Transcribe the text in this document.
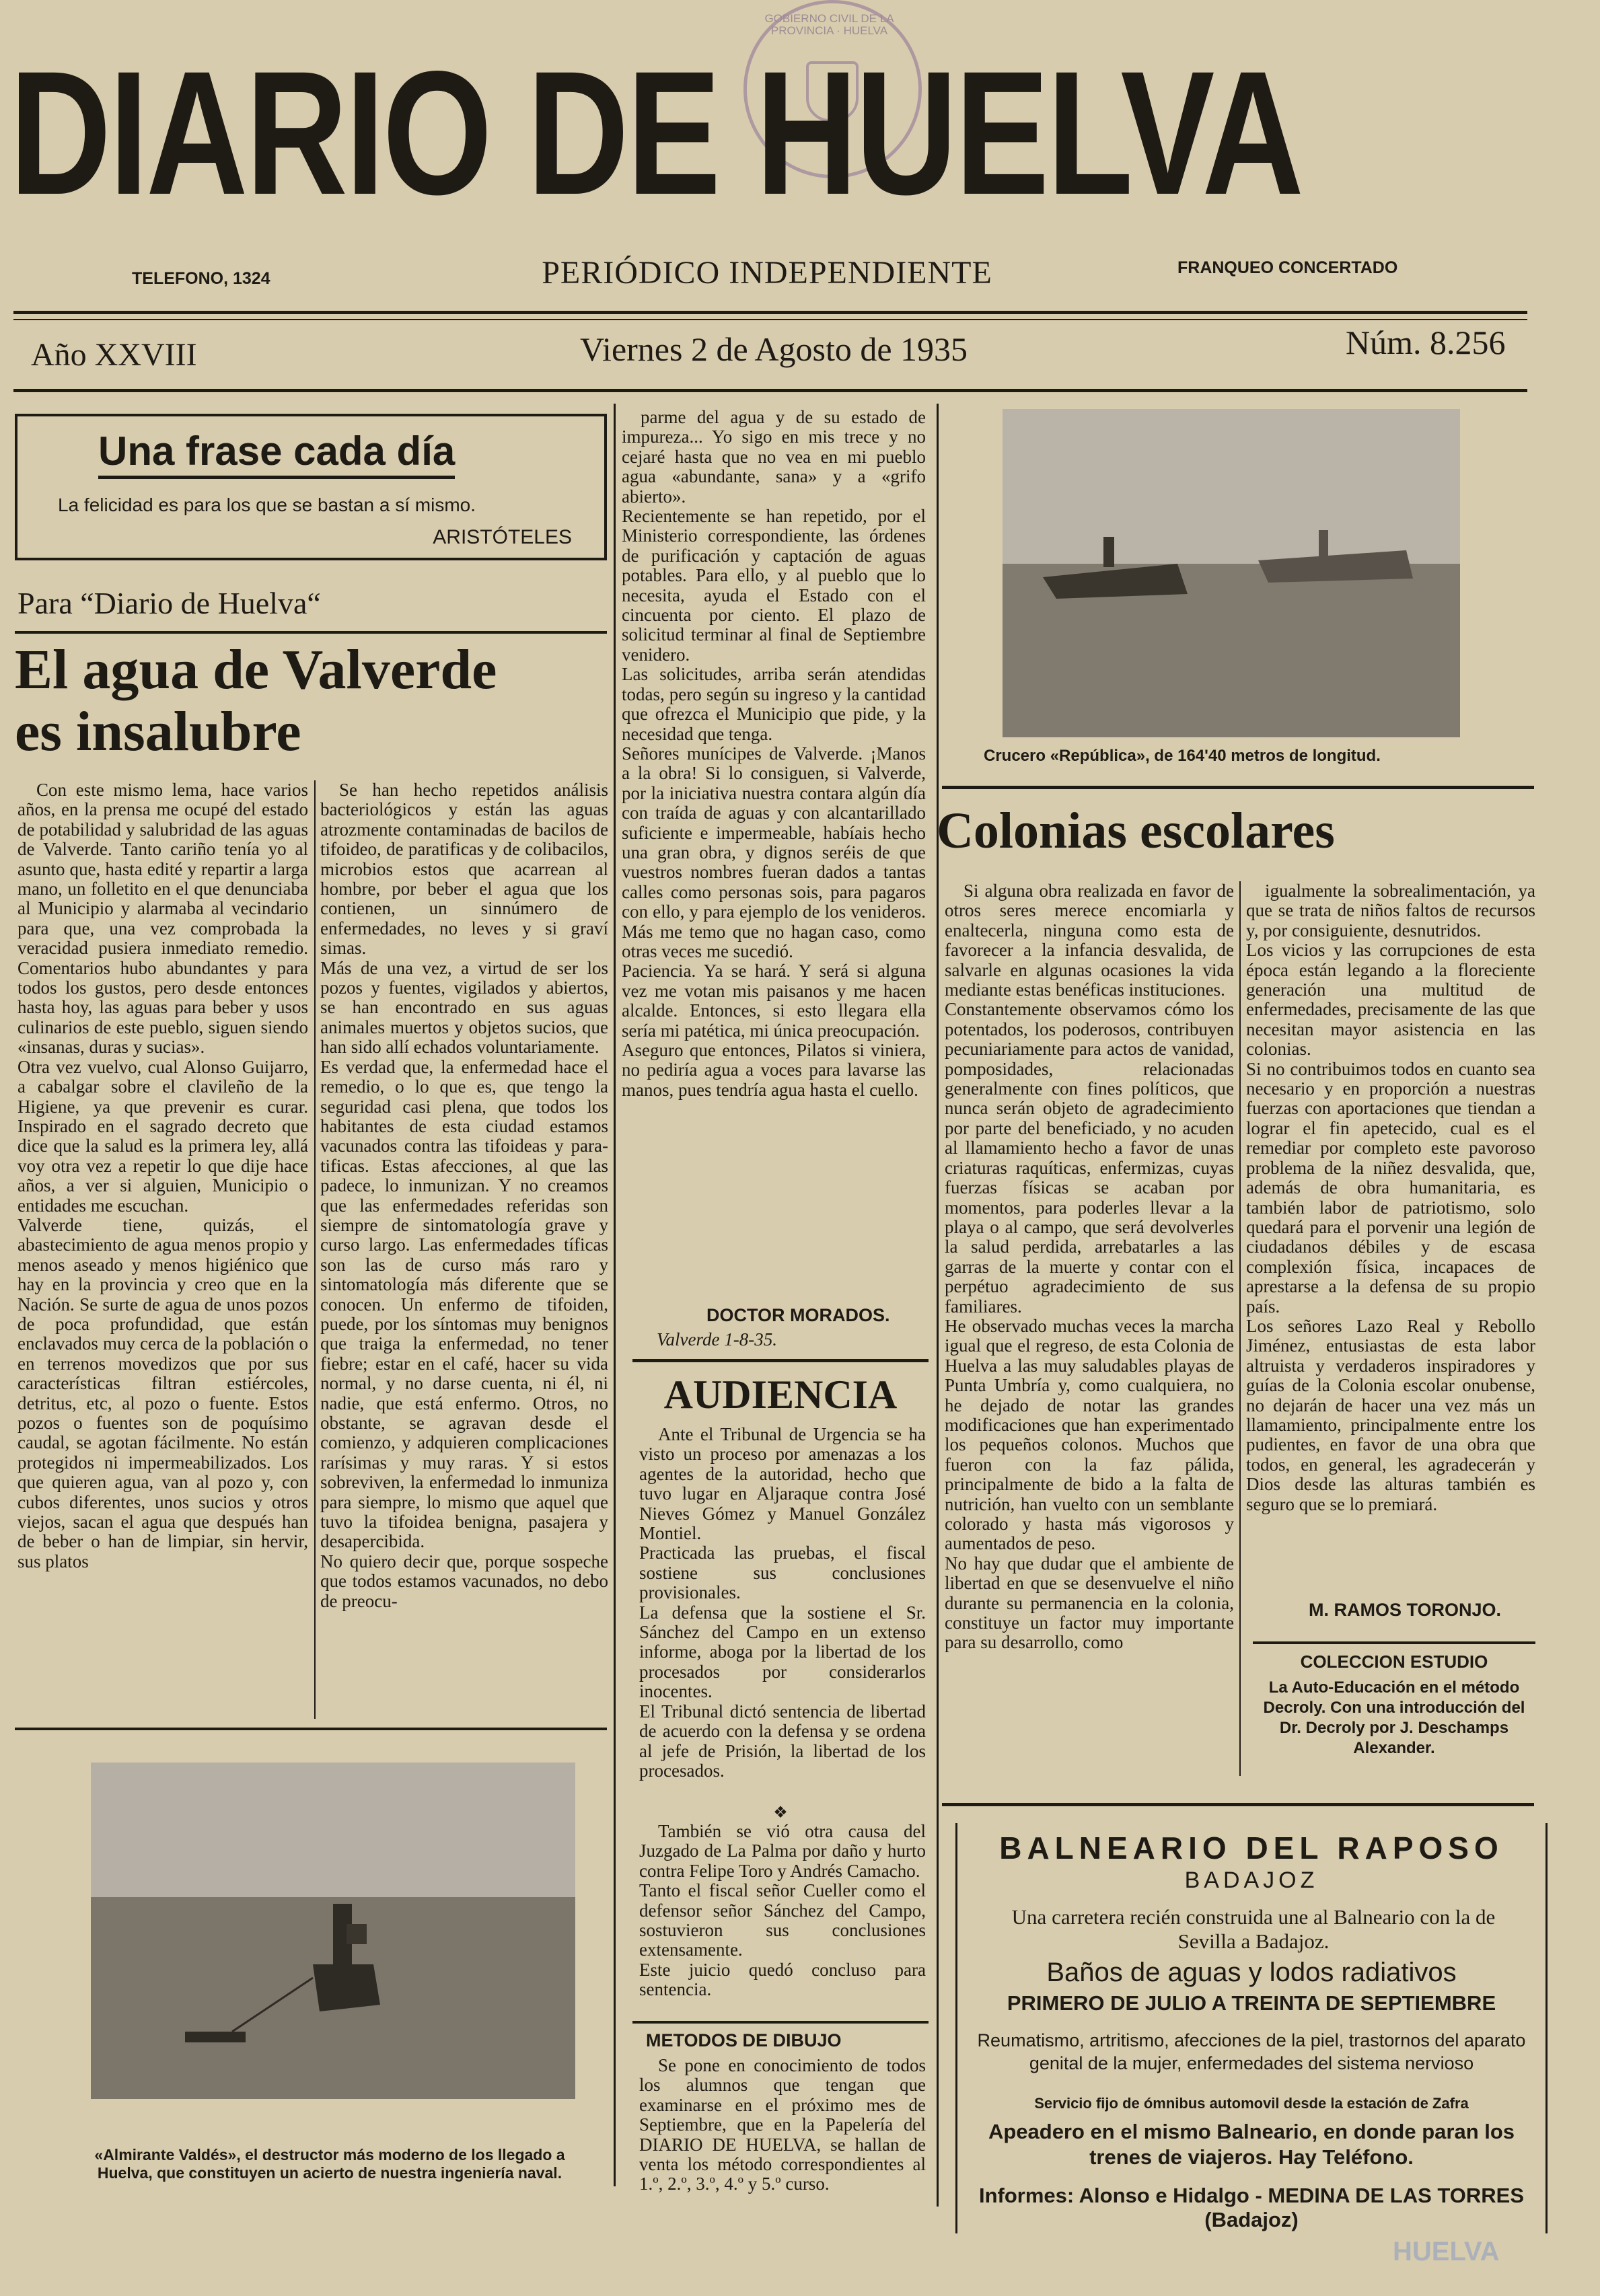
GOBIERNO CIVIL DE LA PROVINCIA · HUELVA
DIARIO DE HUELVA
TELEFONO, 1324	PERIÓDICO INDEPENDIENTE	FRANQUEO CONCERTADO
Año XXVIII	Viernes 2 de Agosto de 1935	Núm. 8.256
Una frase cada día
La felicidad es para los que se bastan a sí mismo.
ARISTÓTELES
Para “Diario de Huelva“
El agua de Valverde
es insalubre

Con este mismo lema, hace varios años, en la prensa me ocupé del estado de potabilidad y salubridad de las aguas de Valverde. Tanto cariño tenía yo al asunto que, hasta edité y repartir a larga mano, un folletito en el que denunciaba al Municipio y alarmaba al vecindario para que, una vez comprobada la veracidad pusiera inmediato remedio. Comentarios hubo abundantes y para todos los gustos, pero desde entonces hasta hoy, las aguas para beber y usos culinarios de este pueblo, siguen siendo «insanas, duras y sucias».
Otra vez vuelvo, cual Alonso Guijarro, a cabalgar sobre el clavileño de la Higiene, ya que prevenir es curar. Inspirado en el sagrado decreto que dice que la salud es la primera ley, allá voy otra vez a repetir lo que dije hace años, a ver si alguien, Municipio o entidades me escuchan.
Valverde tiene, quizás, el abastecimiento de agua menos propio y menos aseado y menos higiénico que hay en la provincia y creo que en la Nación. Se surte de agua de unos pozos de poca profundidad, que están enclavados muy cerca de la población o en terrenos movedizos que por sus características filtran estiércoles, detritus, etc, al pozo o fuente. Estos pozos o fuentes son de poquísimo caudal, se agotan fácilmente. No están protegidos ni impermeabilizados. Los que quieren agua, van al pozo y, con cubos diferentes, unos sucios y otros viejos, sacan el agua que después han de beber o han de limpiar, sin hervir, sus platos

Se han hecho repetidos análisis bacteriológicos y están las aguas atrozmente contaminadas de bacilos de tifoideo, de paratificas y de colibacilos, microbios estos que acarrean al hombre, por beber el agua que los contienen, un sinnúmero de enfermedades, no leves y si graví simas.
Más de una vez, a virtud de ser los pozos y fuentes, vigilados y abiertos, se han encontrado en sus aguas animales muertos y objetos sucios, que han sido allí echados voluntariamente.
Es verdad que, la enfermedad hace el remedio, o lo que es, que tengo la seguridad casi plena, que todos los habitantes de esta ciudad estamos vacunados contra las tifoideas y para-tificas. Estas afecciones, al que las padece, lo inmunizan. Y no creamos que las enfermedades referidas son siempre de sintomatología grave y curso largo. Las enfermedades tíficas son las de curso más raro y sintomatología más diferente que se conocen. Un enfermo de tifoiden, puede, por los síntomas muy benignos que traiga la enfermedad, no tener fiebre; estar en el café, hacer su vida normal, y no darse cuenta, ni él, ni nadie, que está enfermo. Otros, no obstante, se agravan desde el comienzo, y adquieren complicaciones rarísimas y muy raras. Y si estos sobreviven, la enfermedad lo inmuniza para siempre, lo mismo que aquel que tuvo la tifoidea benigna, pasajera y desapercibida.
No quiero decir que, porque sospeche que todos estamos vacunados, no debo de preocu-

parme del agua y de su estado de impureza... Yo sigo en mis trece y no cejaré hasta que no vea en mi pueblo agua «abundante, sana» y a «grifo abierto».
Recientemente se han repetido, por el Ministerio correspondiente, las órdenes de purificación y captación de aguas potables. Para ello, y al pueblo que lo necesita, ayuda el Estado con el cincuenta por ciento. El plazo de solicitud terminar al final de Septiembre venidero.
Las solicitudes, arriba serán atendidas todas, pero según su ingreso y la cantidad que ofrezca el Municipio que pide, y la necesidad que tenga.
Señores munícipes de Valverde. ¡Manos a la obra! Si lo consiguen, si Valverde, por la iniciativa nuestra contara algún día con traída de aguas y con alcantarillado suficiente e impermeable, habíais hecho una gran obra, y dignos seréis de que vuestros nombres fueran dados a tantas calles como personas sois, para pagaros con ello, y para ejemplo de los venideros. Más me temo que no hagan caso, como otras veces me sucedió.
Paciencia. Ya se hará. Y será si alguna vez me votan mis paisanos y me hacen alcalde. Entonces, si esto llegara ella sería mi patética, mi única preocupación.
Aseguro que entonces, Pilatos si viniera, no pediría agua a voces para lavarse las manos, pues tendría agua hasta el cuello.

DOCTOR MORADOS.
Valverde 1-8-35.
«Almirante Valdés», el destructor más moderno de los llegado a Huelva, que constituyen un acierto de nuestra ingeniería naval.
AUDIENCIA

Ante el Tribunal de Urgencia se ha visto un proceso por amenazas a los agentes de la autoridad, hecho que tuvo lugar en Aljaraque contra José Nieves Gómez y Manuel González Montiel.
Practicada las pruebas, el fiscal sostiene sus conclusiones provisionales.
La defensa que la sostiene el Sr. Sánchez del Campo en un extenso informe, aboga por la libertad de los procesados por considerarlos inocentes.
El Tribunal dictó sentencia de libertad de acuerdo con la defensa y se ordena al jefe de Prisión, la libertad de los procesados.

❖

También se vió otra causa del Juzgado de La Palma por daño y hurto contra Felipe Toro y Andrés Camacho.
Tanto el fiscal señor Cueller como el defensor señor Sánchez del Campo, sostuvieron sus conclusiones extensamente.
Este juicio quedó concluso para sentencia.

METODOS DE DIBUJO

Se pone en conocimiento de todos los alumnos que tengan que examinarse en el próximo mes de Septiembre, que en la Papelería del DIARIO DE HUELVA, se hallan de venta los método correspondientes al 1.º, 2.º, 3.º, 4.º y 5.º curso.

Crucero «República», de 164'40 metros de longitud.
Colonias escolares

Si alguna obra realizada en favor de otros seres merece encomiarla y enaltecerla, ninguna como esta de favorecer a la infancia desvalida, de salvarle en algunas ocasiones la vida mediante estas benéficas instituciones.
Constantemente observamos cómo los potentados, los poderosos, contribuyen pecuniariamente para actos de vanidad, pomposidades, relacionadas generalmente con fines políticos, que nunca serán objeto de agradecimiento por parte del beneficiado, y no acuden al llamamiento hecho a favor de unas criaturas raquíticas, enfermizas, cuyas fuerzas físicas se acaban por momentos, para poderles llevar a la playa o al campo, que será devolverles la salud perdida, arrebatarles a las garras de la muerte y contar con el perpétuo agradecimiento de sus familiares.
He observado muchas veces la marcha igual que el regreso, de esta Colonia de Huelva a las muy saludables playas de Punta Umbría y, como cualquiera, no he dejado de notar las grandes modificaciones que han experimentado los pequeños colonos. Muchos que fueron con la faz pálida, principalmente de bido a la falta de nutrición, han vuelto con un semblante colorado y hasta más vigorosos y aumentados de peso.
No hay que dudar que el ambiente de libertad en que se desenvuelve el niño durante su permanencia en la colonia, constituye un factor muy importante para su desarrollo, como

igualmente la sobrealimentación, ya que se trata de niños faltos de recursos y, por consiguiente, desnutridos.
Los vicios y las corrupciones de esta época están legando a la floreciente generación una multitud de enfermedades, precisamente de las que necesitan mayor asistencia en las colonias.
Si no contribuimos todos en cuanto sea necesario y en proporción a nuestras fuerzas con aportaciones que tiendan a lograr el fin apetecido, cual es el remediar por completo este pavoroso problema de la niñez desvalida, que, además de obra humanitaria, es también labor de patriotismo, solo quedará para el porvenir una legión de ciudadanos débiles y de escasa complexión física, incapaces de aprestarse a la defensa de su propio país.
Los señores Lazo Real y Rebollo Jiménez, entusiastas de esta labor altruista y verdaderos inspiradores y guías de la Colonia escolar onubense, no dejarán de hacer una vez más un llamamiento, principalmente entre los pudientes, en favor de una obra que todos, en general, les agradecerán y Dios desde las alturas también es seguro que se lo premiará.

M. RAMOS TORONJO.
COLECCION ESTUDIO
La Auto-Educación en el método Decroly. Con una introducción del Dr. Decroly por J. Deschamps Alexander.
BALNEARIO DEL RAPOSO
BADAJOZ
Una carretera recién construida une al Balneario con la de Sevilla a Badajoz.
Baños de aguas y lodos radiativos
PRIMERO DE JULIO A TREINTA DE SEPTIEMBRE
Reumatismo, artritismo, afecciones de la piel, trastornos del aparato genital de la mujer, enfermedades del sistema nervioso
Servicio fijo de ómnibus automovil desde la estación de Zafra
Apeadero en el mismo Balneario, en donde paran los trenes de viajeros. Hay Teléfono.
Informes: Alonso e Hidalgo - MEDINA DE LAS TORRES (Badajoz)
HUELVA
